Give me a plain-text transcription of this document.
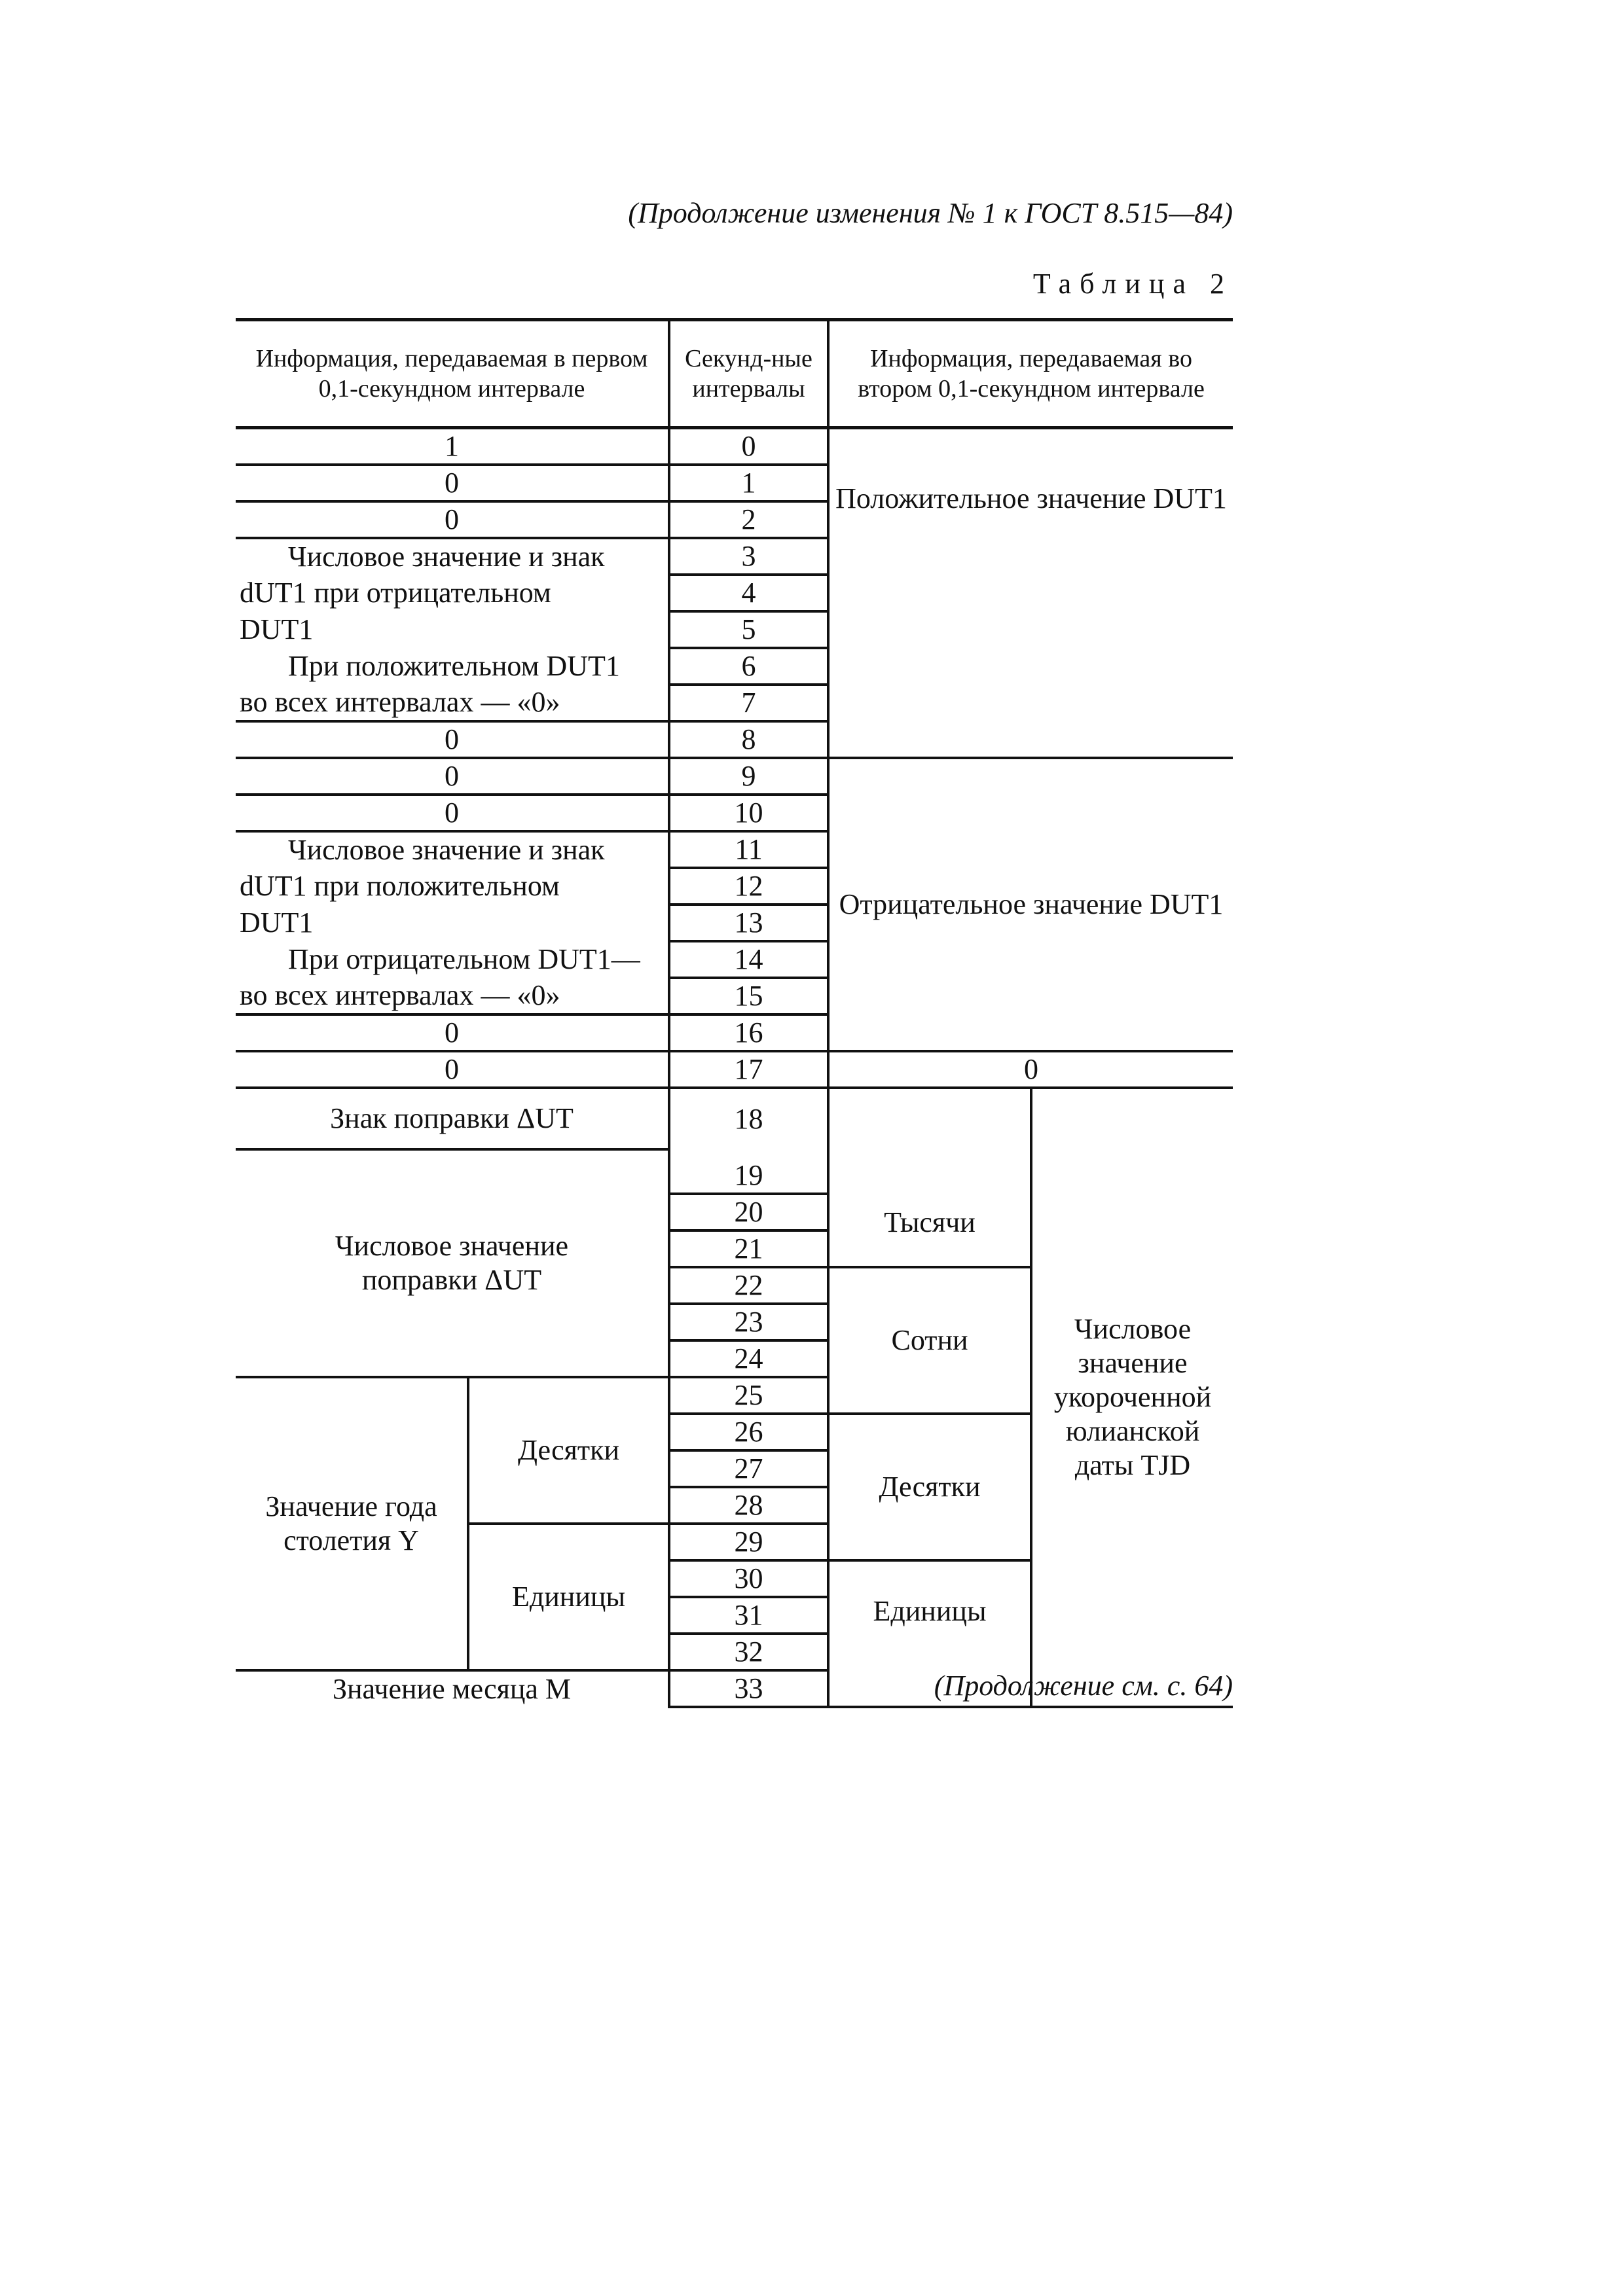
(Продолжение изменения № 1 к ГОСТ 8.515—84)
Таблица 2
Информация, передаваемая в первом 0,1-секундном интервале		Секунд-ные интервалы	Информация, передаваемая во втором 0,1-секундном интервале	
1		0	Положительное значение DUT1	
0		1		
0		2		
Числовое значение и знак		3		
dUT1 при отрицательном		4		
DUT1		5		
При положительном DUT1		6		
во всех интервалах — «0»		7		
0		8		
0		9	Отрицательное значение DUT1	
0		10		
Числовое значение и знак		11		
dUT1 при положительном		12		
DUT1		13		
При отрицательном DUT1—		14		
во всех интервалах — «0»		15		
0		16		
0		17	0	
Знак поправки ΔUT		18	Тысячи	Числовое значение укороченной юлианской даты TJD
Числовое значение поправки ΔUT		19		
		20		
		21		
		22	Сотни	
		23		
		24		
Значение года столетия Y	Десятки	25		
		26	Десятки	
		27		
		28		
	Единицы	29		
		30	Единицы	
		31		
		32		
Значение месяца M		33			(Продолжение см. с. 64)
